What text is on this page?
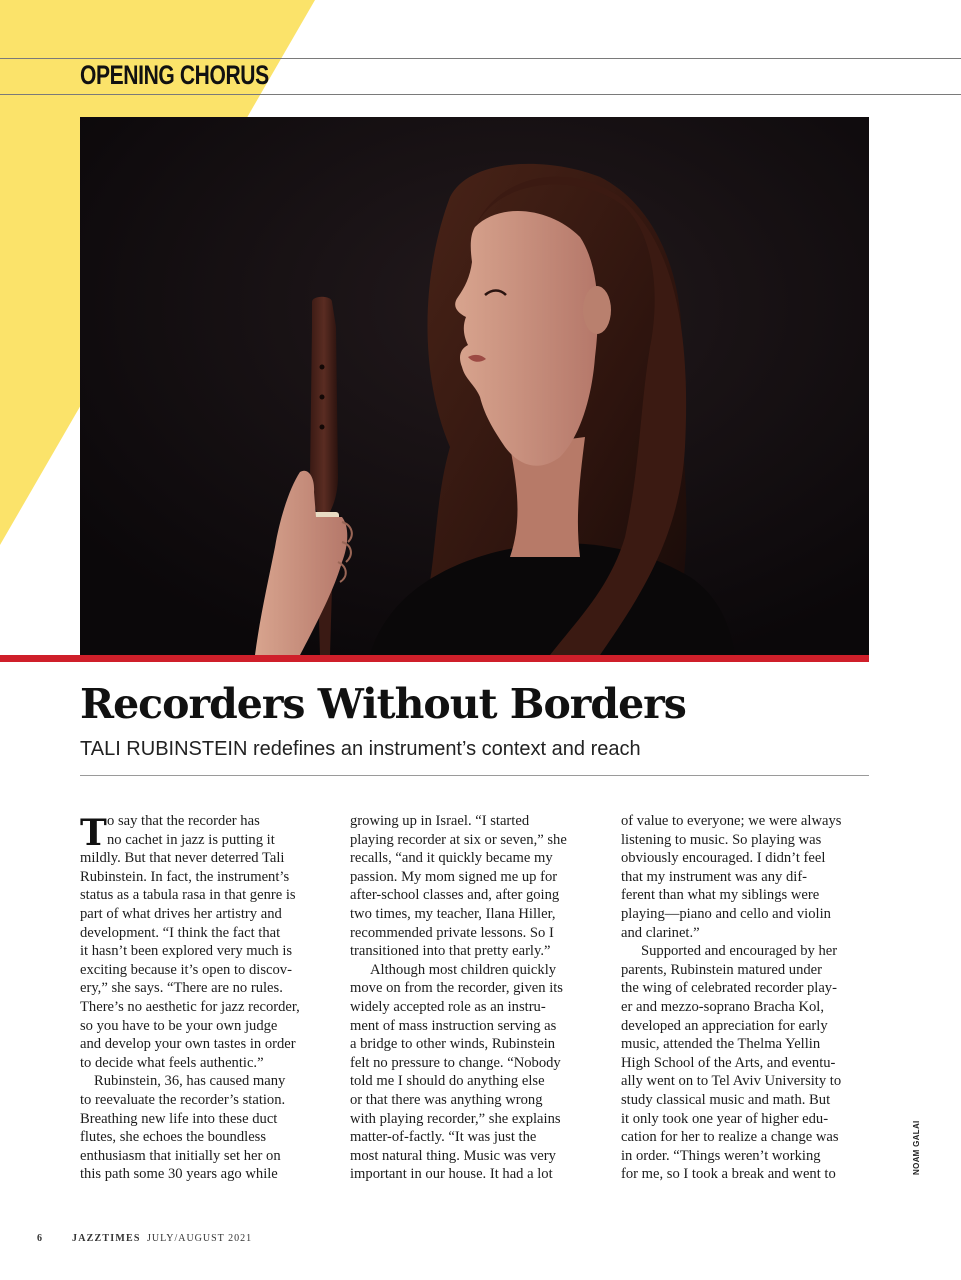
OPENING CHORUS
Recorders Without Borders
TALI RUBINSTEIN redefines an instrument’s context and reach
T o say that the recorder has
no cachet in jazz is putting it
mildly. But that never deterred Tali
Rubinstein. In fact, the instrument’s
status as a tabula rasa in that genre is
part of what drives her artistry and
development. “I think the fact that
it hasn’t been explored very much is
exciting because it’s open to discov-
ery,” she says. “There are no rules.
There’s no aesthetic for jazz recorder,
so you have to be your own judge
and develop your own tastes in order
to decide what feels authentic.”
Rubinstein, 36, has caused many
to reevaluate the recorder’s station.
Breathing new life into these duct
flutes, she echoes the boundless
enthusiasm that initially set her on
this path some 30 years ago while
growing up in Israel. “I started
playing recorder at six or seven,” she
recalls, “and it quickly became my
passion. My mom signed me up for
after-school classes and, after going
two times, my teacher, Ilana Hiller,
recommended private lessons. So I
transitioned into that pretty early.”
Although most children quickly
move on from the recorder, given its
widely accepted role as an instru-
ment of mass instruction serving as
a bridge to other winds, Rubinstein
felt no pressure to change. “Nobody
told me I should do anything else
or that there was anything wrong
with playing recorder,” she explains
matter-of-factly. “It was just the
most natural thing. Music was very
important in our house. It had a lot
of value to everyone; we were always
listening to music. So playing was
obviously encouraged. I didn’t feel
that my instrument was any dif-
ferent than what my siblings were
playing—piano and cello and violin
and clarinet.”
Supported and encouraged by her
parents, Rubinstein matured under
the wing of celebrated recorder play-
er and mezzo-soprano Bracha Kol,
developed an appreciation for early
music, attended the Thelma Yellin
High School of the Arts, and eventu-
ally went on to Tel Aviv University to
study classical music and math. But
it only took one year of higher edu-
cation for her to realize a change was
in order. “Things weren’t working
for me, so I took a break and went to	NOAM GALAI
6	JAZZTIMES JULY/AUGUST 2021
